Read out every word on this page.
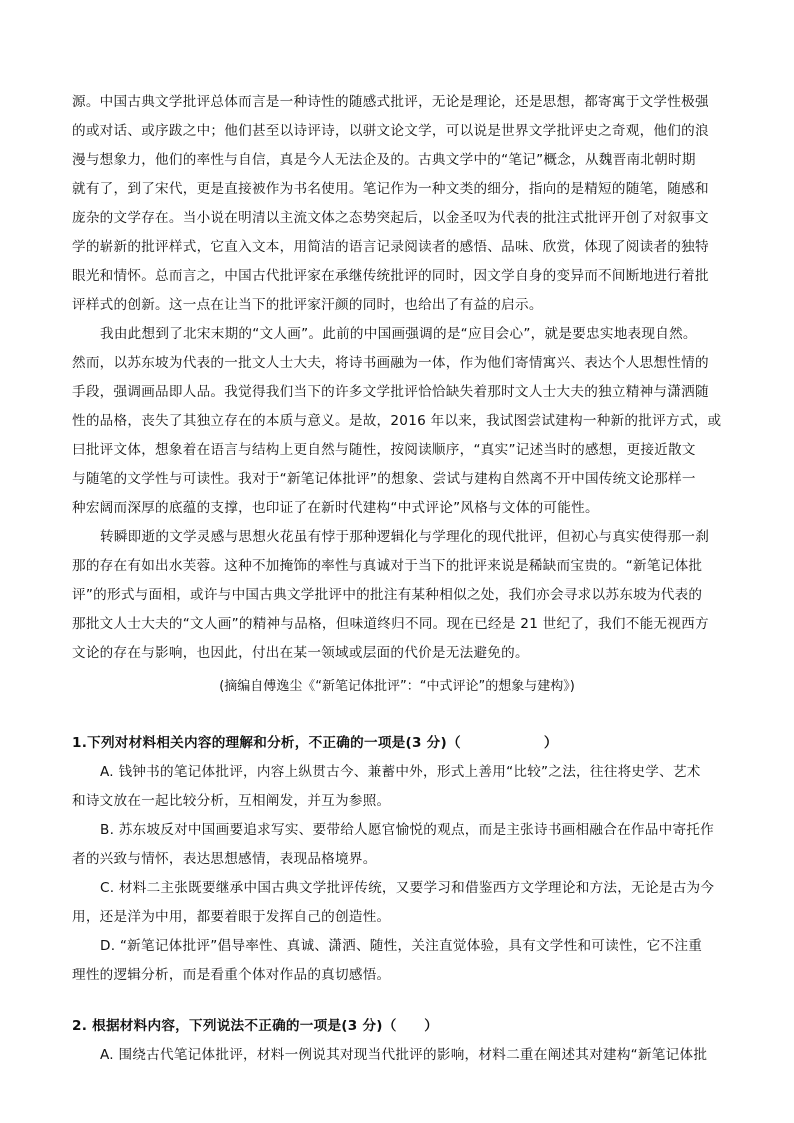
源。中国古典文学批评总体而言是一种诗性的随感式批评，无论是理论，还是思想，都寄寓于文学性极强
的或对话、或序跋之中；他们甚至以诗评诗，以骈文论文学，可以说是世界文学批评史之奇观，他们的浪
漫与想象力，他们的率性与自信，真是今人无法企及的。古典文学中的“笔记”概念，从魏晋南北朝时期
就有了，到了宋代，更是直接被作为书名使用。笔记作为一种文类的细分，指向的是精短的随笔，随感和
庞杂的文学存在。当小说在明清以主流文体之态势突起后，以金圣叹为代表的批注式批评开创了对叙事文
学的崭新的批评样式，它直入文本，用简洁的语言记录阅读者的感悟、品味、欣赏，体现了阅读者的独特
眼光和情怀。总而言之，中国古代批评家在承继传统批评的同时，因文学自身的变异而不间断地进行着批
评样式的创新。这一点在让当下的批评家汗颜的同时，也给出了有益的启示。
我由此想到了北宋末期的“文人画”。此前的中国画强调的是“应目会心”，就是要忠实地表现自然。
然而，以苏东坡为代表的一批文人士大夫，将诗书画融为一体，作为他们寄情寓兴、表达个人思想性情的
手段，强调画品即人品。我觉得我们当下的许多文学批评恰恰缺失着那时文人士大夫的独立精神与潇洒随
性的品格，丧失了其独立存在的本质与意义。是故，2016 年以来，我试图尝试建构一种新的批评方式，或
曰批评文体，想象着在语言与结构上更自然与随性，按阅读顺序，“真实”记述当时的感想，更接近散文
与随笔的文学性与可读性。我对于“新笔记体批评”的想象、尝试与建构自然离不开中国传统文论那样一
种宏阔而深厚的底蕴的支撑，也印证了在新时代建构“中式评论”风格与文体的可能性。
转瞬即逝的文学灵感与思想火花虽有悖于那种逻辑化与学理化的现代批评，但初心与真实使得那一刹
那的存在有如出水芙蓉。这种不加掩饰的率性与真诚对于当下的批评来说是稀缺而宝贵的。“新笔记体批
评”的形式与面相，或许与中国古典文学批评中的批注有某种相似之处，我们亦会寻求以苏东坡为代表的
那批文人士大夫的“文人画”的精神与品格，但味道终归不同。现在已经是 21 世纪了，我们不能无视西方
文论的存在与影响，也因此，付出在某一领域或层面的代价是无法避免的。
(摘编自傅逸尘《“新笔记体批评”：“中式评论”的想象与建构》)
1.下列对材料相关内容的理解和分析，不正确的一项是(3 分)（　　　　　　）
A. 钱钟书的笔记体批评，内容上纵贯古今、兼蓄中外，形式上善用“比较”之法，往往将史学、艺术
和诗文放在一起比较分析，互相阐发，并互为参照。
B. 苏东坡反对中国画要追求写实、要带给人愿官愉悦的观点，而是主张诗书画相融合在作品中寄托作
者的兴致与情怀，表达思想感情，表现品格境界。
C. 材料二主张既要继承中国古典文学批评传统，又要学习和借鉴西方文学理论和方法，无论是古为今
用，还是洋为中用，都要着眼于发挥自己的创造性。
D. “新笔记体批评”倡导率性、真诚、潇洒、随性，关注直觉体验，具有文学性和可读性，它不注重
理性的逻辑分析，而是看重个体对作品的真切感悟。
2. 根据材料内容，下列说法不正确的一项是(3 分)（　　）
A. 围绕古代笔记体批评，材料一例说其对现当代批评的影响，材料二重在阐述其对建构“新笔记体批
